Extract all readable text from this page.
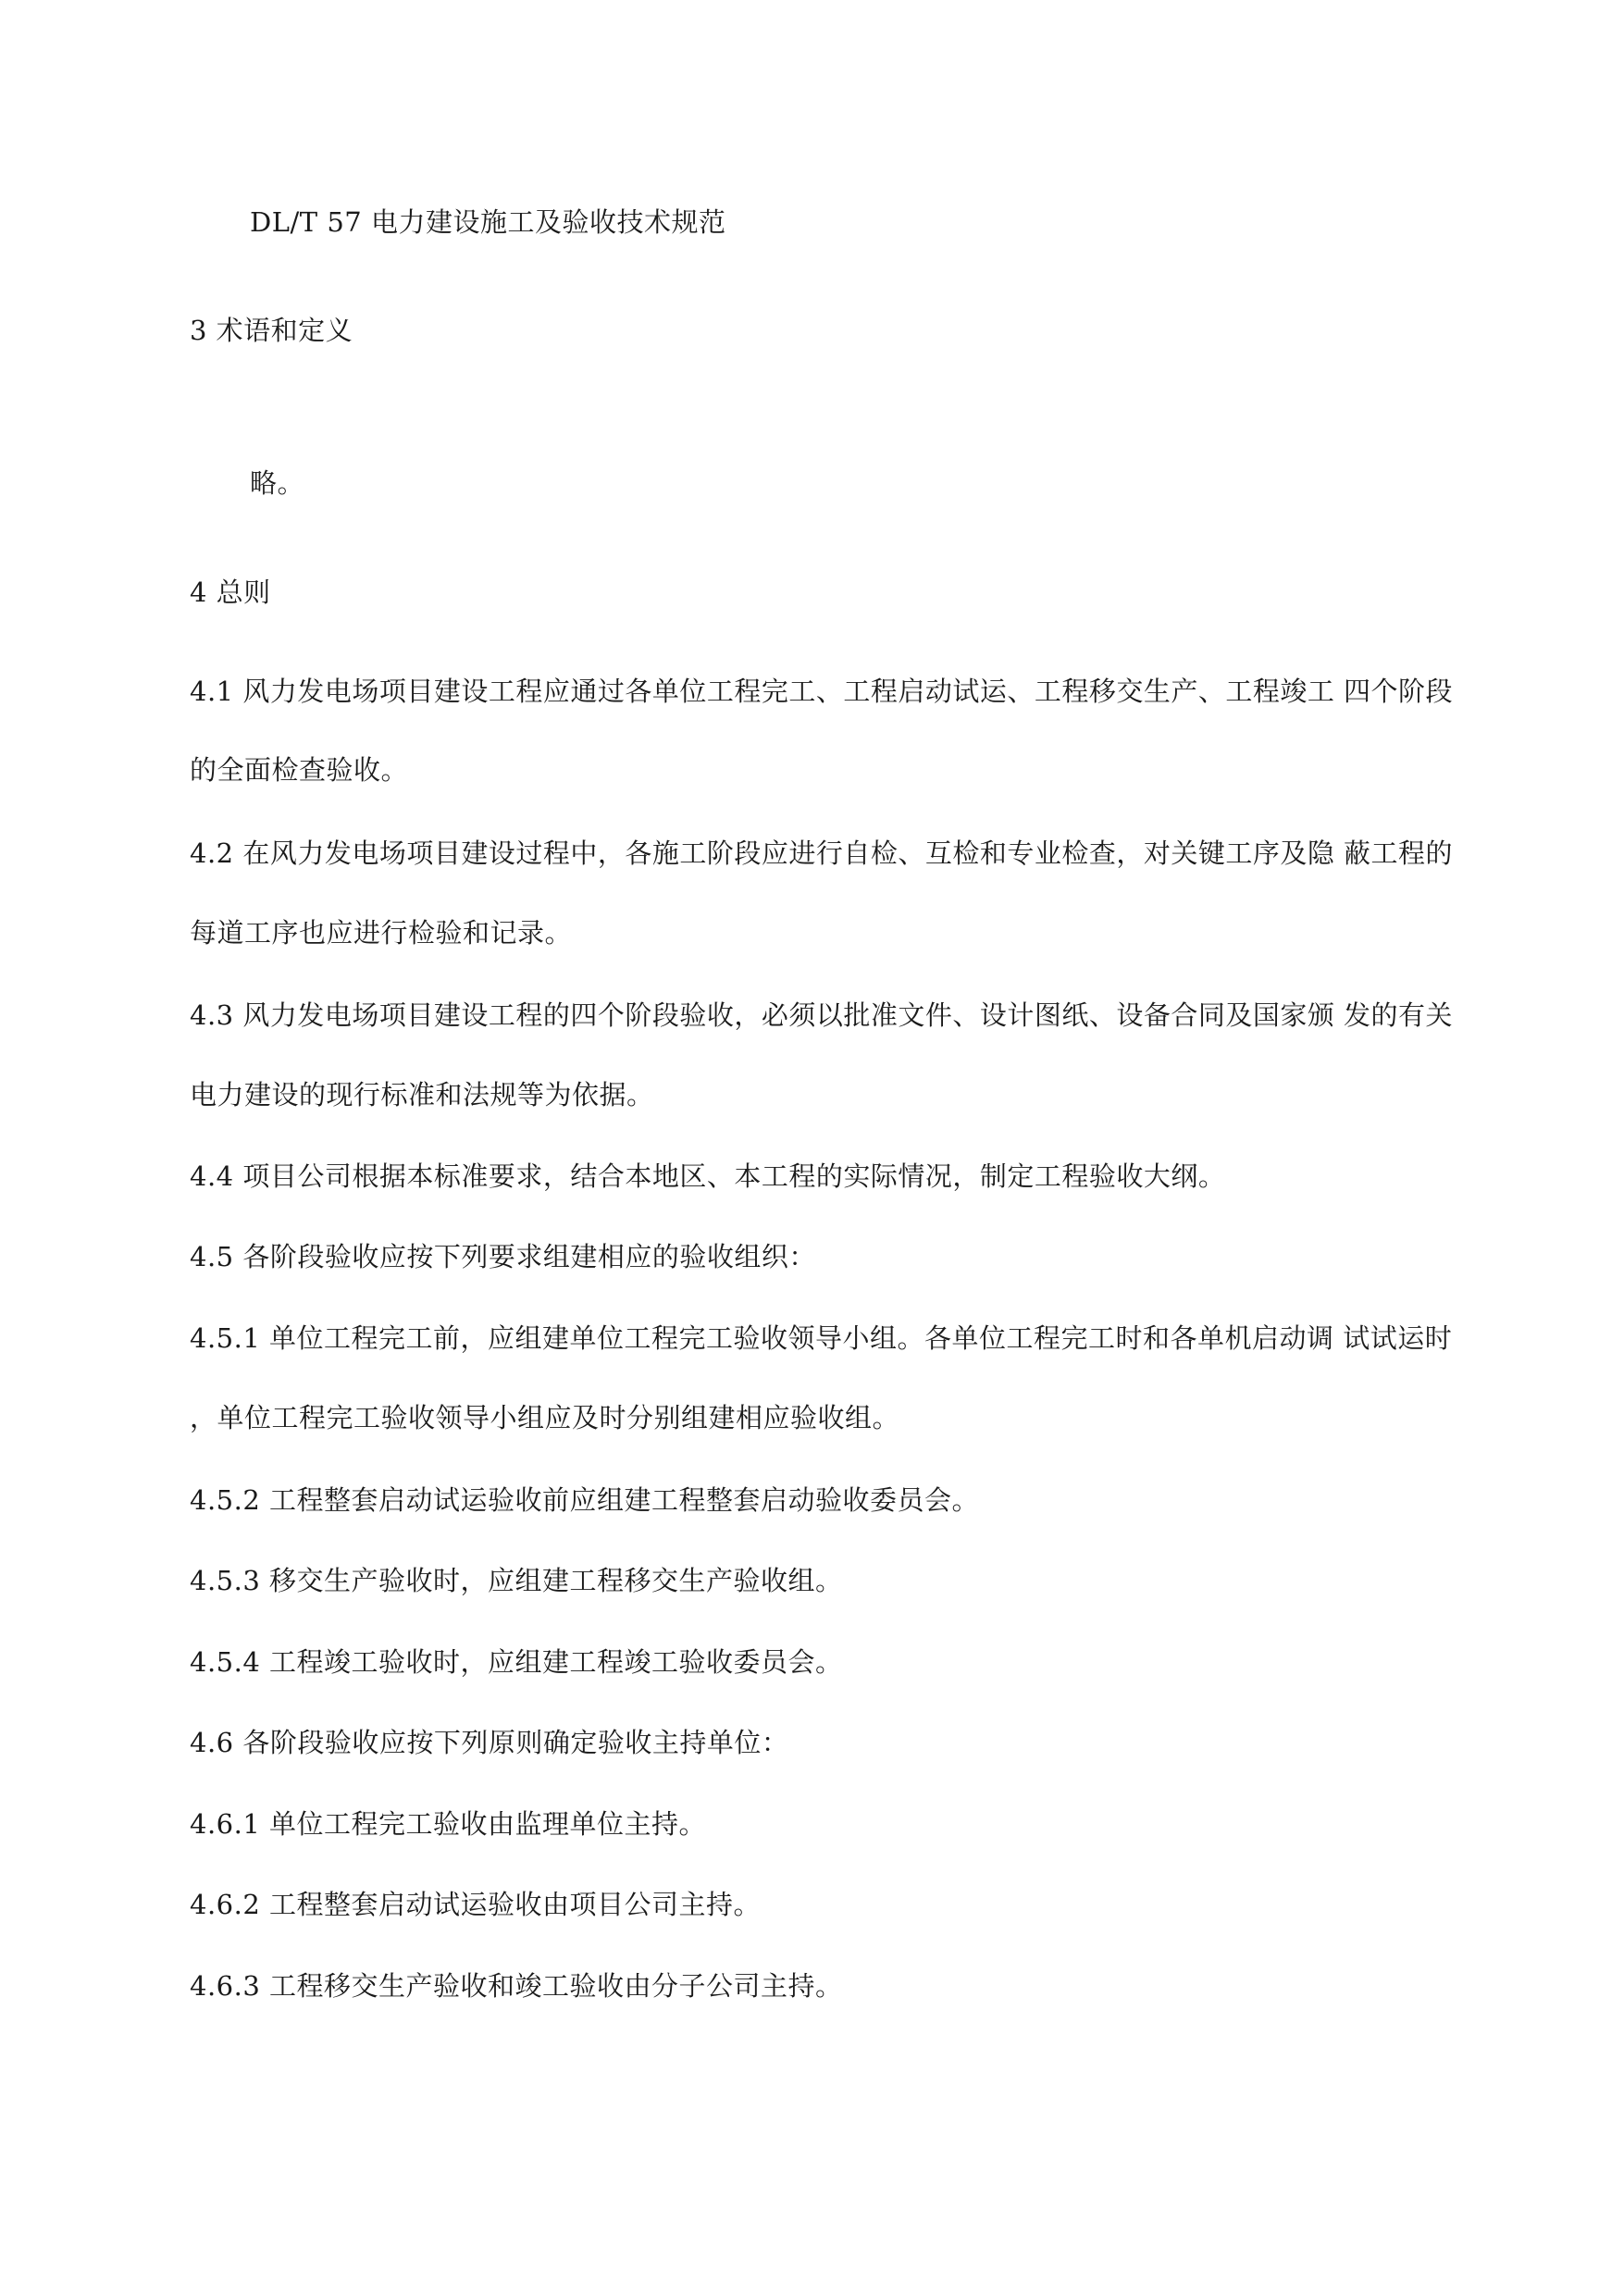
DL/T 57 电力建设施工及验收技术规范

3 术语和定义

略。

4 总则

4.1 风力发电场项目建设工程应通过各单位工程完工、工程启动试运、工程移交生产、工程竣工 四个阶段

的全面检查验收。

4.2 在风力发电场项目建设过程中，各施工阶段应进行自检、互检和专业检查，对关键工序及隐 蔽工程的

每道工序也应进行检验和记录。

4.3 风力发电场项目建设工程的四个阶段验收，必须以批准文件、设计图纸、设备合同及国家颁 发的有关

电力建设的现行标准和法规等为依据。

4.4 项目公司根据本标准要求，结合本地区、本工程的实际情况，制定工程验收大纲。

4.5 各阶段验收应按下列要求组建相应的验收组织：

4.5.1 单位工程完工前，应组建单位工程完工验收领导小组。各单位工程完工时和各单机启动调 试试运时

，单位工程完工验收领导小组应及时分别组建相应验收组。

4.5.2 工程整套启动试运验收前应组建工程整套启动验收委员会。

4.5.3 移交生产验收时，应组建工程移交生产验收组。

4.5.4 工程竣工验收时，应组建工程竣工验收委员会。

4.6 各阶段验收应按下列原则确定验收主持单位：

4.6.1 单位工程完工验收由监理单位主持。

4.6.2 工程整套启动试运验收由项目公司主持。

4.6.3 工程移交生产验收和竣工验收由分子公司主持。
